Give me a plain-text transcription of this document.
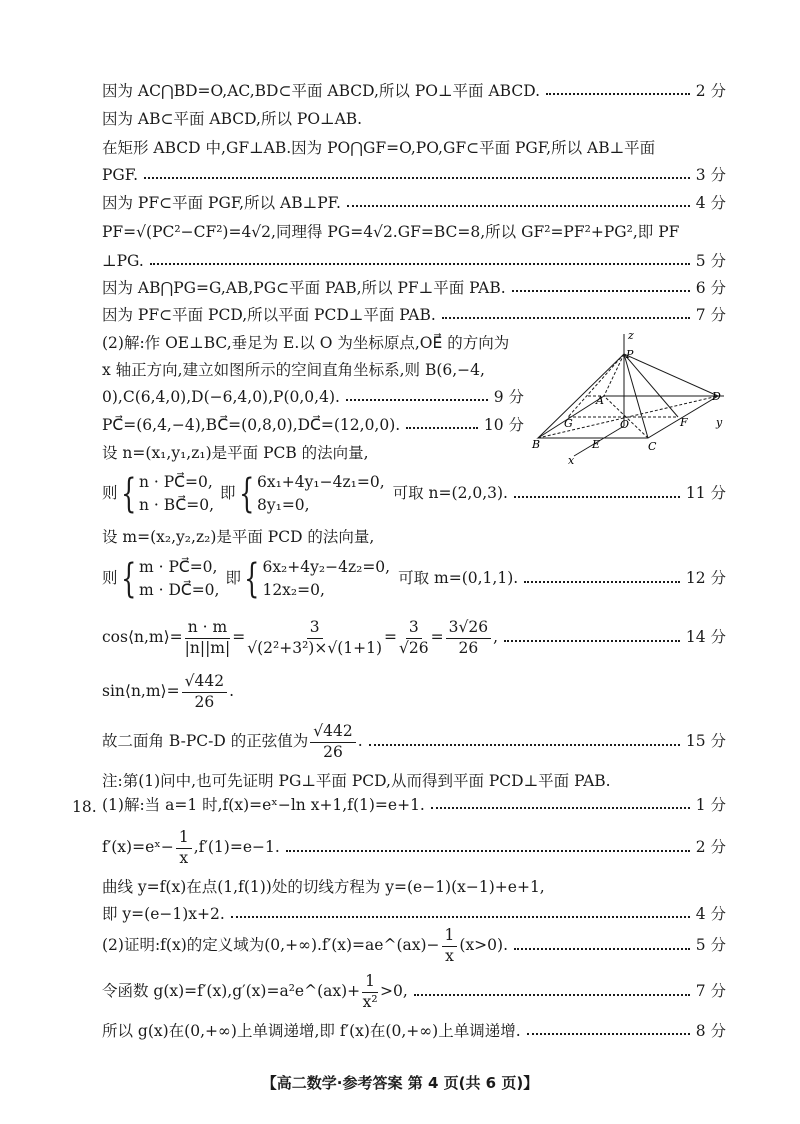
因为 AC⋂BD=O,AC,BD⊂平面 ABCD,所以 PO⊥平面 ABCD.	2 分
因为 AB⊂平面 ABCD,所以 PO⊥AB.
在矩形 ABCD 中,GF⊥AB.因为 PO⋂GF=O,PO,GF⊂平面 PGF,所以 AB⊥平面
PGF.	3 分
因为 PF⊂平面 PGF,所以 AB⊥PF.	4 分
PF=√(PC²−CF²)=4√2,同理得 PG=4√2.GF=BC=8,所以 GF²=PF²+PG²,即 PF
⊥PG.	5 分
因为 AB⋂PG=G,AB,PG⊂平面 PAB,所以 PF⊥平面 PAB.	6 分
因为 PF⊂平面 PCD,所以平面 PCD⊥平面 PAB.	7 分
(2)解:作 OE⊥BC,垂足为 E.以 O 为坐标原点,OE⃗ 的方向为
x 轴正方向,建立如图所示的空间直角坐标系,则 B(6,−4,
0),C(6,4,0),D(−6,4,0),P(0,0,4).	9 分
PC⃗=(6,4,−4),BC⃗=(0,8,0),DC⃗=(12,0,0).	10 分
设 n=(x₁,y₁,z₁)是平面 PCB 的法向量,
z
P
A	D
G	O	F	y
B	E	C
x
则 { n · PC⃗=0,
n · BC⃗=0,
即 { 6x₁+4y₁−4z₁=0,
8y₁=0,
可取 n=(2,0,3).	11 分
设 m=(x₂,y₂,z₂)是平面 PCD 的法向量,
则 { m · PC⃗=0,
m · DC⃗=0,
即 { 6x₂+4y₂−4z₂=0,
12x₂=0,
可取 m=(0,1,1).	12 分
cos⟨n,m⟩= $\frac{n \cdot m}{|n||m|} = \frac{3}{\text{√(2²+3²)×√(1+1)}} = \frac{3}{√26} = \frac{3√26}{26}$ ,	14 分
sin⟨n,m⟩= $\frac{√442}{26}$ .
故二面角 B-PC-D 的正弦值为 $\frac{√442}{26}$ .	15 分
注:第(1)问中,也可先证明 PG⊥平面 PCD,从而得到平面 PCD⊥平面 PAB.
18. (1)解:当 a=1 时,f(x)=eˣ−ln x+1,f(1)=e+1.	1 分
f′(x)=eˣ− $\frac{1}{x} ,f'(1)=e-1$.	2 分
曲线 y=f(x)在点(1,f(1))处的切线方程为 y=(e−1)(x−1)+e+1,
即 y=(e−1)x+2.	4 分
(2)证明:f(x)的定义域为(0,+∞).f′(x)=ae^(ax)− $\frac{1}{x} (x>0)$.	5 分
令函数 g(x)=f′(x),g′(x)=a²e^(ax)+ $\frac{1}{\text{x²}} >0$,	7 分
所以 g(x)在(0,+∞)上单调递增,即 f′(x)在(0,+∞)上单调递增.	8 分
【高二数学·参考答案 第 4 页(共 6 页)】
